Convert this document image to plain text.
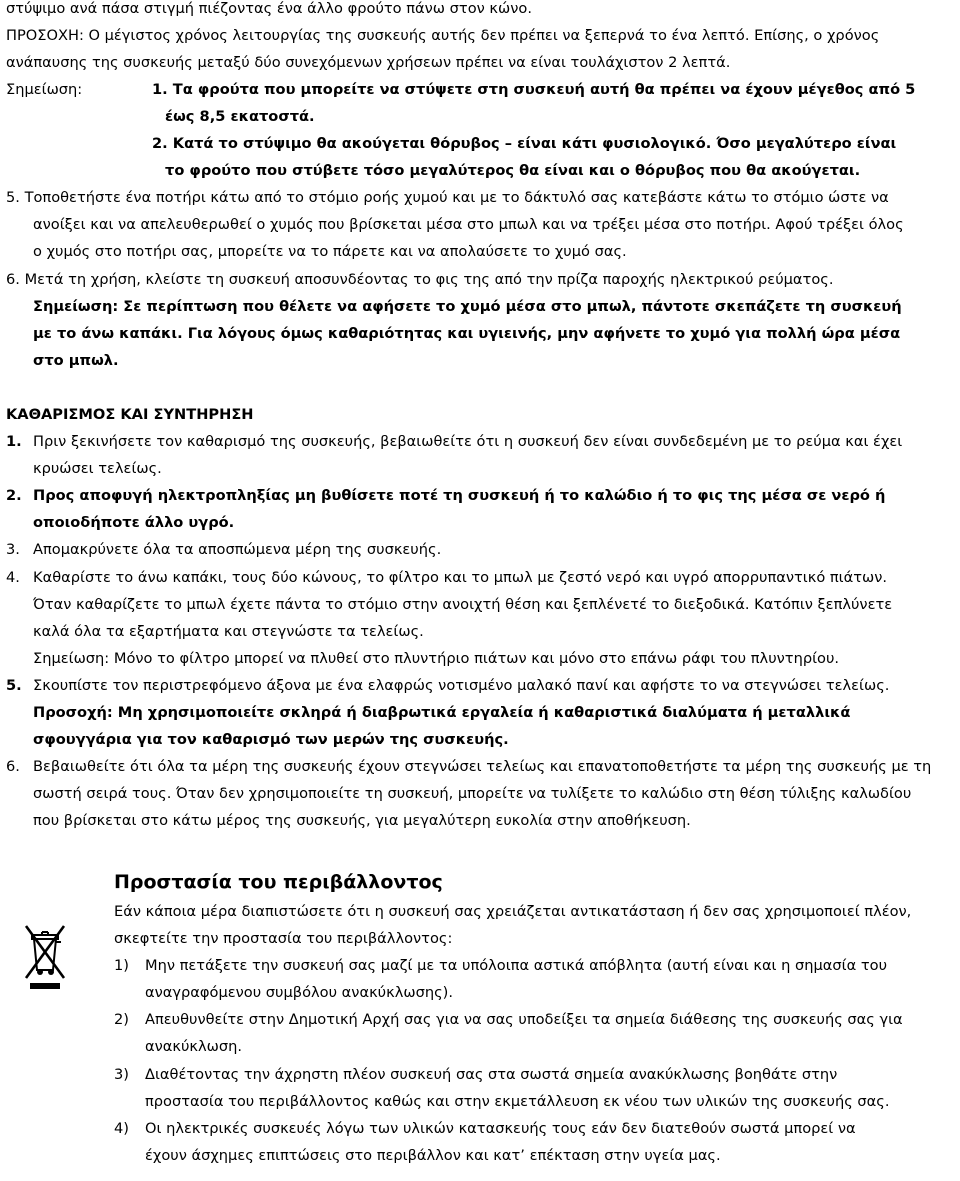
στύψιμο ανά πάσα στιγμή πιέζοντας ένα άλλο φρούτο πάνω στον κώνο.
ΠΡΟΣΟΧΗ: Ο μέγιστος χρόνος λειτουργίας της συσκευής αυτής δεν πρέπει να ξεπερνά το ένα λεπτό. Επίσης, ο χρόνος
ανάπαυσης της συσκευής μεταξύ δύο συνεχόμενων χρήσεων πρέπει να είναι τουλάχιστον 2 λεπτά.
Σημείωση:	1. Τα φρούτα που μπορείτε να στύψετε στη συσκευή αυτή θα πρέπει να έχουν μέγεθος από 5
έως 8,5 εκατοστά.
2. Κατά το στύψιμο θα ακούγεται θόρυβος – είναι κάτι φυσιολογικό. Όσο μεγαλύτερο είναι
το φρούτο που στύβετε τόσο μεγαλύτερος θα είναι και ο θόρυβος που θα ακούγεται.
5. Τοποθετήστε ένα ποτήρι κάτω από το στόμιο ροής χυμού και με το δάκτυλό σας κατεβάστε κάτω το στόμιο ώστε να
ανοίξει και να απελευθερωθεί ο χυμός που βρίσκεται μέσα στο μπωλ και να τρέξει μέσα στο ποτήρι. Αφού τρέξει όλος
ο χυμός στο ποτήρι σας, μπορείτε να το πάρετε και να απολαύσετε το χυμό σας.
6. Μετά τη χρήση, κλείστε τη συσκευή αποσυνδέοντας το φις της από την πρίζα παροχής ηλεκτρικού ρεύματος.
Σημείωση: Σε περίπτωση που θέλετε να αφήσετε το χυμό μέσα στο μπωλ, πάντοτε σκεπάζετε τη συσκευή
με το άνω καπάκι. Για λόγους όμως καθαριότητας και υγιεινής, μην αφήνετε το χυμό για πολλή ώρα μέσα
στο μπωλ.
ΚΑΘΑΡΙΣΜΟΣ ΚΑΙ ΣΥΝΤΗΡΗΣΗ
1. Πριν ξεκινήσετε τον καθαρισμό της συσκευής, βεβαιωθείτε ότι η συσκευή δεν είναι συνδεδεμένη με το ρεύμα και έχει
κρυώσει τελείως.
2. Προς αποφυγή ηλεκτροπληξίας μη βυθίσετε ποτέ τη συσκευή ή το καλώδιο ή το φις της μέσα σε νερό ή
οποιοδήποτε άλλο υγρό.
3. Απομακρύνετε όλα τα αποσπώμενα μέρη της συσκευής.
4. Καθαρίστε το άνω καπάκι, τους δύο κώνους, το φίλτρο και το μπωλ με ζεστό νερό και υγρό απορρυπαντικό πιάτων.
Όταν καθαρίζετε το μπωλ έχετε πάντα το στόμιο στην ανοιχτή θέση και ξεπλένετέ το διεξοδικά. Κατόπιν ξεπλύνετε
καλά όλα τα εξαρτήματα και στεγνώστε τα τελείως.
Σημείωση: Μόνο το φίλτρο μπορεί να πλυθεί στο πλυντήριο πιάτων και μόνο στο επάνω ράφι του πλυντηρίου.
5. Σκουπίστε τον περιστρεφόμενο άξονα με ένα ελαφρώς νοτισμένο μαλακό πανί και αφήστε το να στεγνώσει τελείως.
Προσοχή: Μη χρησιμοποιείτε σκληρά ή διαβρωτικά εργαλεία ή καθαριστικά διαλύματα ή μεταλλικά
σφουγγάρια για τον καθαρισμό των μερών της συσκευής.
6. Βεβαιωθείτε ότι όλα τα μέρη της συσκευής έχουν στεγνώσει τελείως και επανατοποθετήστε τα μέρη της συσκευής με τη
σωστή σειρά τους. Όταν δεν χρησιμοποιείτε τη συσκευή, μπορείτε να τυλίξετε το καλώδιο στη θέση τύλιξης καλωδίου
που βρίσκεται στο κάτω μέρος της συσκευής, για μεγαλύτερη ευκολία στην αποθήκευση.
Προστασία του περιβάλλοντος
Εάν κάποια μέρα διαπιστώσετε ότι η συσκευή σας χρειάζεται αντικατάσταση ή δεν σας χρησιμοποιεί πλέον,
σκεφτείτε την προστασία του περιβάλλοντος:
1) Μην πετάξετε την συσκευή σας μαζί με τα υπόλοιπα αστικά απόβλητα (αυτή είναι και η σημασία του
αναγραφόμενου συμβόλου ανακύκλωσης).
2) Απευθυνθείτε στην Δημοτική Αρχή σας για να σας υποδείξει τα σημεία διάθεσης της συσκευής σας για
ανακύκλωση.
3) Διαθέτοντας την άχρηστη πλέον συσκευή σας στα σωστά σημεία ανακύκλωσης βοηθάτε στην
προστασία του περιβάλλοντος καθώς και στην εκμετάλλευση εκ νέου των υλικών της συσκευής σας.
4) Οι ηλεκτρικές συσκευές λόγω των υλικών κατασκευής τους εάν δεν διατεθούν σωστά μπορεί να
έχουν άσχημες επιπτώσεις στο περιβάλλον και κατ’ επέκταση στην υγεία μας.
